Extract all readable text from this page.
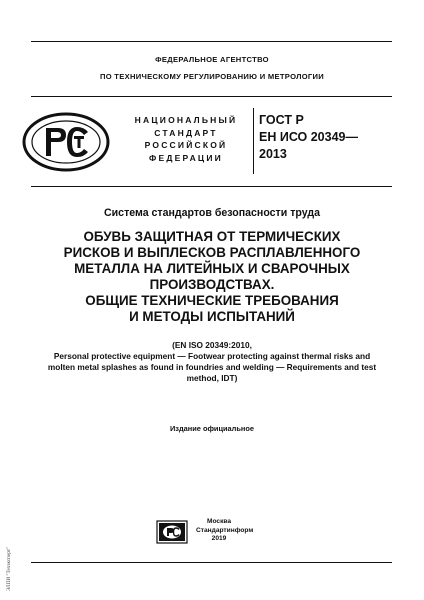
ФЕДЕРАЛЬНОЕ АГЕНТСТВО
ПО ТЕХНИЧЕСКОМУ РЕГУЛИРОВАНИЮ И МЕТРОЛОГИИ
НАЦИОНАЛЬНЫЙ
СТАНДАРТ
РОССИЙСКОЙ
ФЕДЕРАЦИИ
ГОСТ Р
ЕН ИСО 20349—
2013
Система стандартов безопасности труда
ОБУВЬ ЗАЩИТНАЯ ОТ ТЕРМИЧЕСКИХ
РИСКОВ И ВЫПЛЕСКОВ РАСПЛАВЛЕННОГО
МЕТАЛЛА НА ЛИТЕЙНЫХ И СВАРОЧНЫХ
ПРОИЗВОДСТВАХ.
ОБЩИЕ ТЕХНИЧЕСКИЕ ТРЕБОВАНИЯ
И МЕТОДЫ ИСПЫТАНИЙ
(EN ISO 20349:2010,
Personal protective equipment — Footwear protecting against thermal risks and
molten metal splashes as found in foundries and welding — Requirements and test
method, IDT)
Издание официальное
Москва
Стандартинформ
2019
ЭЛПИ "Техэксперт"
